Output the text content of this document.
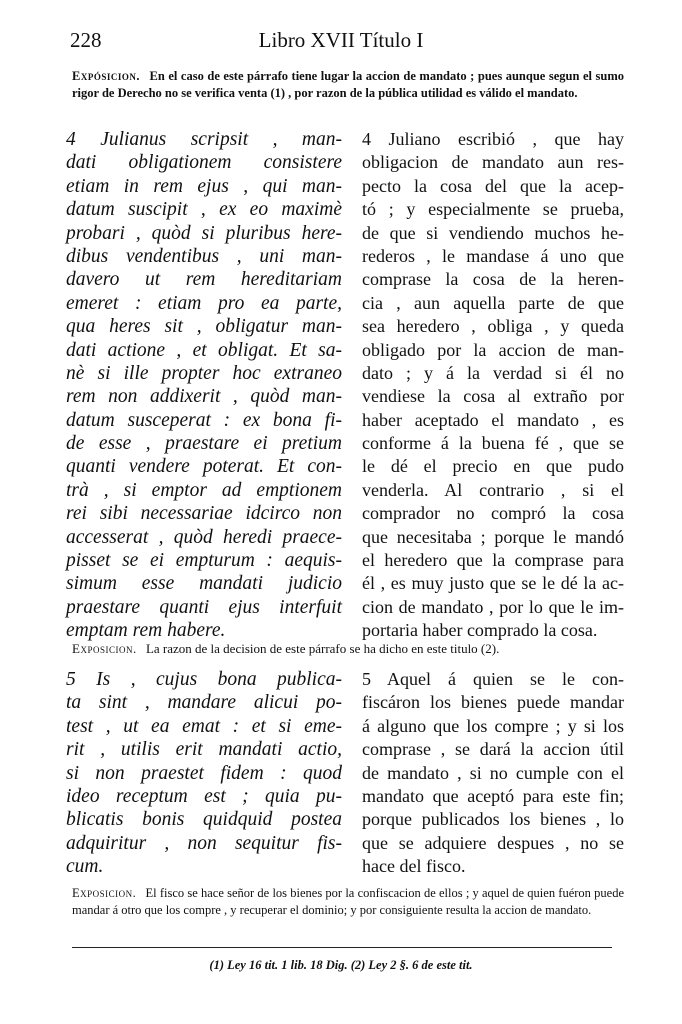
228	Libro XVII Título I
Expósicion. En el caso de este párrafo tiene lugar la accion de mandato ; pues aunque segun el sumo rigor de Derecho no se verifica venta (1) , por razon de la pública utilidad es válido el mandato.
4 Julianus scripsit , man-
dati obligationem consistere
etiam in rem ejus , qui man-
datum suscipit , ex eo maximè
probari , quòd si pluribus here-
dibus vendentibus , uni man-
davero ut rem hereditariam
emeret : etiam pro ea parte,
qua heres sit , obligatur man-
dati actione , et obligat. Et sa-
nè si ille propter hoc extraneo
rem non addixerit , quòd man-
datum susceperat : ex bona fi-
de esse , praestare ei pretium
quanti vendere poterat. Et con-
trà , si emptor ad emptionem
rei sibi necessariae idcirco non
accesserat , quòd heredi praece-
pisset se ei empturum : aequis-
simum esse mandati judicio
praestare quanti ejus interfuit
emptam rem habere.
4 Juliano escribió , que hay
obligacion de mandato aun res-
pecto la cosa del que la acep-
tó ; y especialmente se prueba,
de que si vendiendo muchos he-
rederos , le mandase á uno que
comprase la cosa de la heren-
cia , aun aquella parte de que
sea heredero , obliga , y queda
obligado por la accion de man-
dato ; y á la verdad si él no
vendiese la cosa al extraño por
haber aceptado el mandato , es
conforme á la buena fé , que se
le dé el precio en que pudo
venderla. Al contrario , si el
comprador no compró la cosa
que necesitaba ; porque le mandó
el heredero que la comprase para
él , es muy justo que se le dé la ac-
cion de mandato , por lo que le im-
portaria haber comprado la cosa.
Exposicion. La razon de la decision de este párrafo se ha dicho en este titulo (2).
5 Is , cujus bona publica-
ta sint , mandare alicui po-
test , ut ea emat : et si eme-
rit , utilis erit mandati actio,
si non praestet fidem : quod
ideo receptum est ; quia pu-
blicatis bonis quidquid postea
adquiritur , non sequitur fis-
cum.
5 Aquel á quien se le con-
fiscáron los bienes puede mandar
á alguno que los compre ; y si los
comprase , se dará la accion útil
de mandato , si no cumple con el
mandato que aceptó para este fin;
porque publicados los bienes , lo
que se adquiere despues , no se
hace del fisco.
Exposicion. El fisco se hace señor de los bienes por la confiscacion de ellos ; y aquel de quien fuéron puede mandar á otro que los compre , y recuperar el dominio; y por consiguiente resulta la accion de mandato.
(1) Ley 16 tit. 1 lib. 18 Dig. (2) Ley 2 §. 6 de este tit.
